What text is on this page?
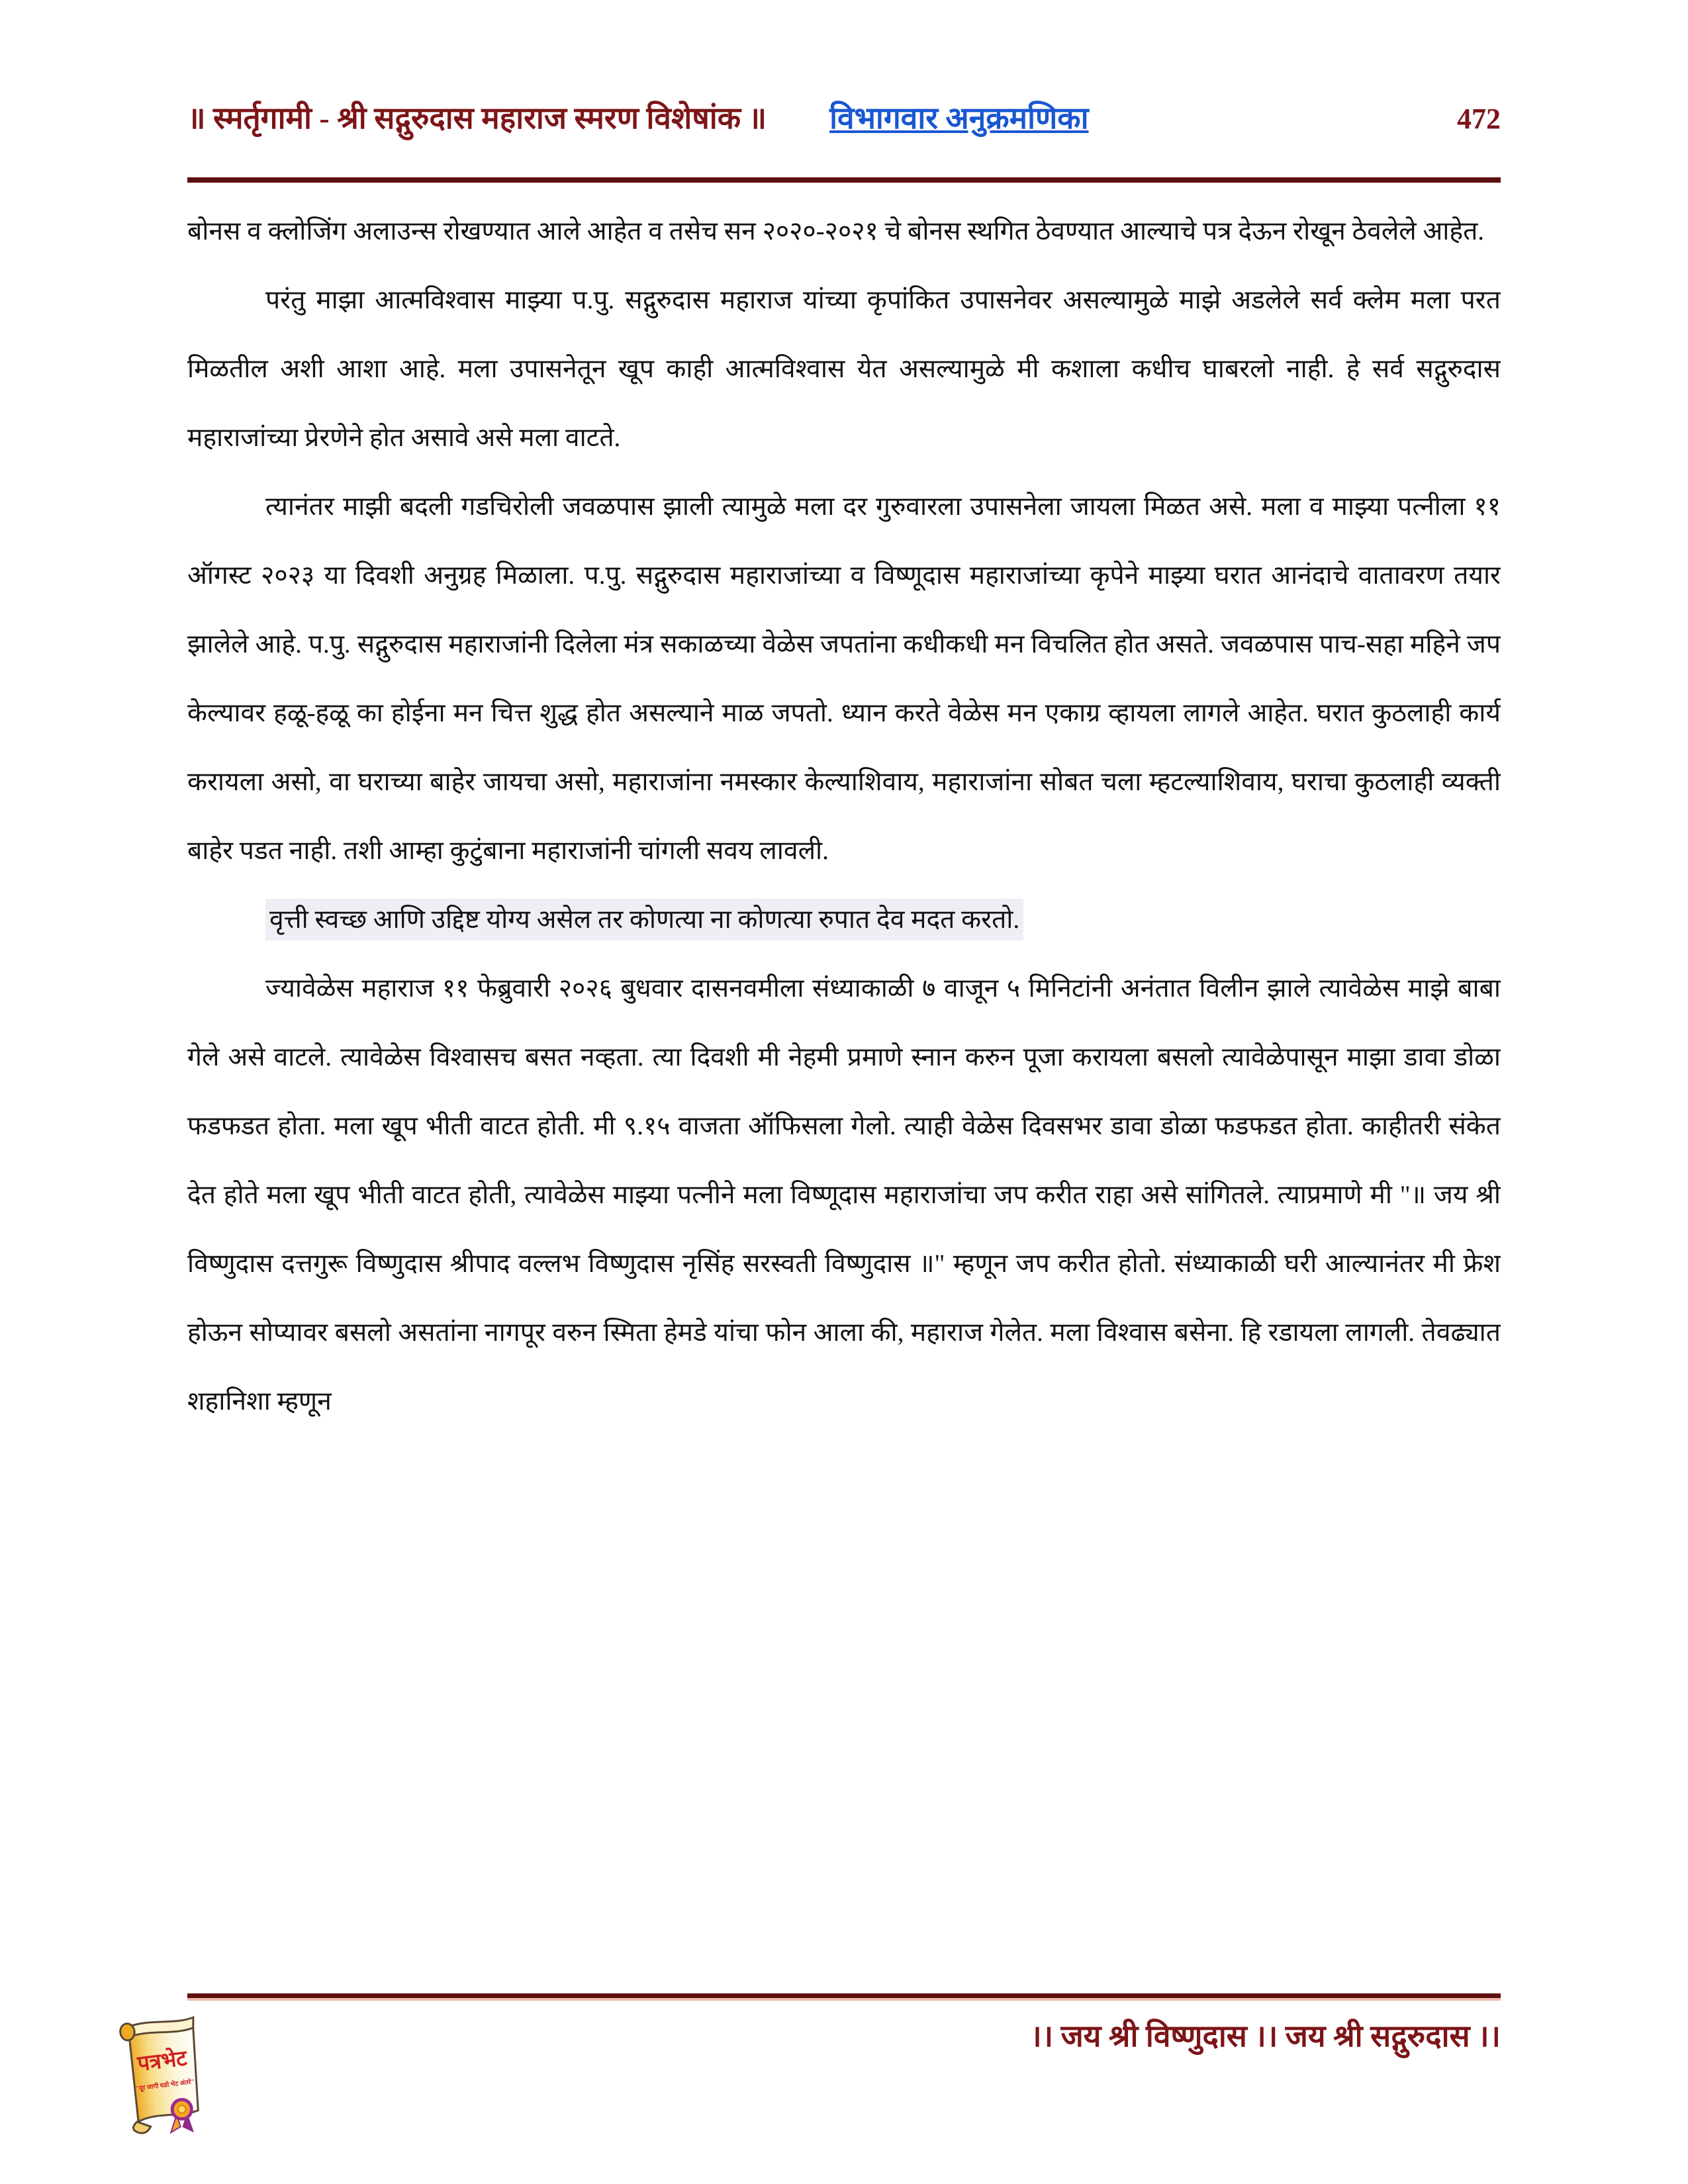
॥ स्मर्तृगामी - श्री सद्गुरुदास महाराज स्मरण विशेषांक ॥ विभागवार अनुक्रमणिका	472

बोनस व क्लोजिंग अलाउन्स रोखण्यात आले आहेत व तसेच सन २०२०-२०२१ चे बोनस स्थगित ठेवण्यात आल्याचे पत्र देऊन रोखून ठेवलेले आहेत.

परंतु माझा आत्मविश्वास माझ्या प.पु. सद्गुरुदास महाराज यांच्या कृपांकित उपासनेवर असल्यामुळे माझे अडलेले सर्व क्लेम मला परत मिळतील अशी आशा आहे. मला उपासनेतून खूप काही आत्मविश्वास येत असल्यामुळे मी कशाला कधीच घाबरलो नाही. हे सर्व सद्गुरुदास महाराजांच्या प्रेरणेने होत असावे असे मला वाटते.

त्यानंतर माझी बदली गडचिरोली जवळपास झाली त्यामुळे मला दर गुरुवारला उपासनेला जायला मिळत असे. मला व माझ्या पत्नीला ११ ऑगस्ट २०२३ या दिवशी अनुग्रह मिळाला. प.पु. सद्गुरुदास महाराजांच्या व विष्णूदास महाराजांच्या कृपेने माझ्या घरात आनंदाचे वातावरण तयार झालेले आहे. प.पु. सद्गुरुदास महाराजांनी दिलेला मंत्र सकाळच्या वेळेस जपतांना कधीकधी मन विचलित होत असते. जवळपास पाच-सहा महिने जप केल्यावर हळू-हळू का होईना मन चित्त शुद्ध होत असल्याने माळ जपतो. ध्यान करते वेळेस मन एकाग्र व्हायला लागले आहेत. घरात कुठलाही कार्य करायला असो, वा घराच्या बाहेर जायचा असो, महाराजांना नमस्कार केल्याशिवाय, महाराजांना सोबत चला म्हटल्याशिवाय, घराचा कुठलाही व्यक्ती बाहेर पडत नाही. तशी आम्हा कुटुंबाना महाराजांनी चांगली सवय लावली.

वृत्ती स्वच्छ आणि उद्दिष्ट योग्य असेल तर कोणत्या ना कोणत्या रुपात देव मदत करतो.

ज्यावेळेस महाराज ११ फेब्रुवारी २०२६ बुधवार दासनवमीला संध्याकाळी ७ वाजून ५ मिनिटांनी अनंतात विलीन झाले त्यावेळेस माझे बाबा गेले असे वाटले. त्यावेळेस विश्वासच बसत नव्हता. त्या दिवशी मी नेहमी प्रमाणे स्नान करुन पूजा करायला बसलो त्यावेळेपासून माझा डावा डोळा फडफडत होता. मला खूप भीती वाटत होती. मी ९.१५ वाजता ऑफिसला गेलो. त्याही वेळेस दिवसभर डावा डोळा फडफडत होता. काहीतरी संकेत देत होते मला खूप भीती वाटत होती, त्यावेळेस माझ्या पत्नीने मला विष्णूदास महाराजांचा जप करीत राहा असे सांगितले. त्याप्रमाणे मी "॥ जय श्री विष्णुदास दत्तगुरू विष्णुदास श्रीपाद वल्लभ विष्णुदास नृसिंह सरस्वती विष्णुदास ॥" म्हणून जप करीत होतो. संध्याकाळी घरी आल्यानंतर मी फ्रेश होऊन सोप्यावर बसलो असतांना नागपूर वरुन स्मिता हेमडे यांचा फोन आला की, महाराज गेलेत. मला विश्वास बसेना. हि रडायला लागली. तेवढ्यात शहानिशा म्हणून

।। जय श्री विष्णुदास ।। जय श्री सद्गुरुदास ।।
पत्रभेट
"दूर जागी घडो भेट अंतरे"
